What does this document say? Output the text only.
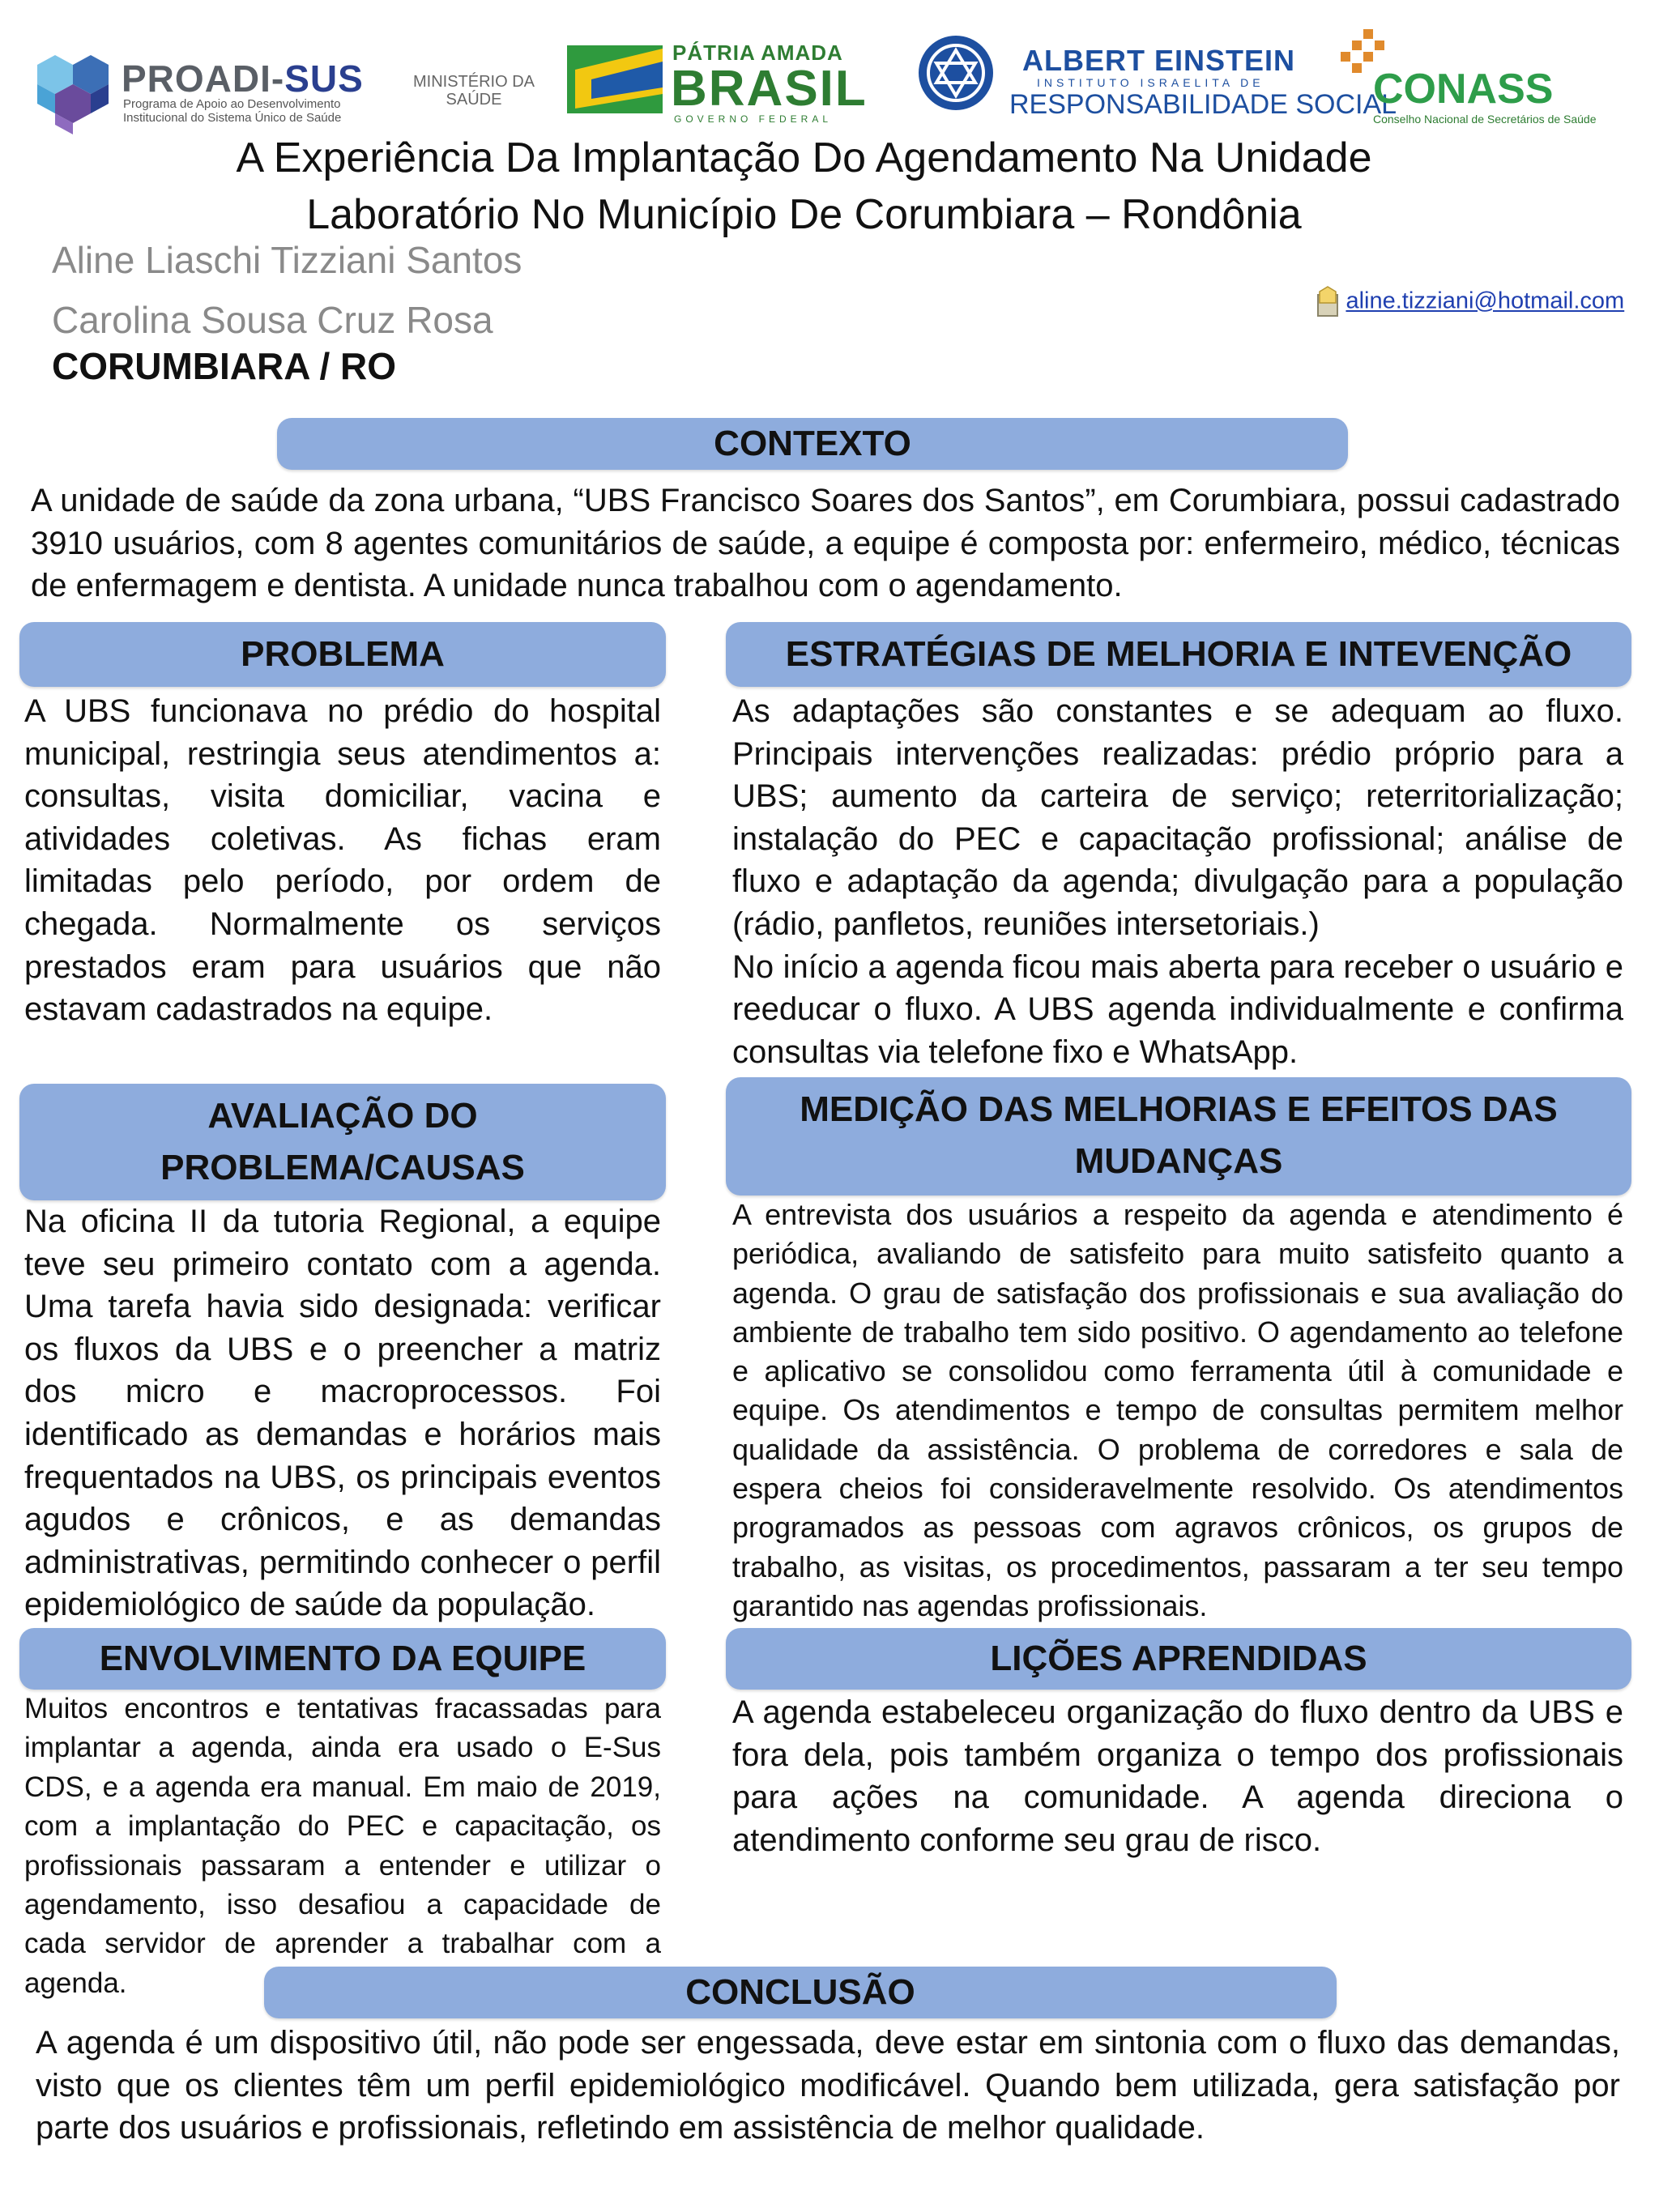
PROADI-SUS
Programa de Apoio ao Desenvolvimento Institucional do Sistema Único de Saúde
MINISTÉRIO DA SAÚDE
PÁTRIA AMADA
BRASIL
GOVERNO FEDERAL
ALBERT EINSTEIN
INSTITUTO ISRAELITA DE
RESPONSABILIDADE SOCIAL
CONASS
Conselho Nacional de Secretários de Saúde
A Experiência Da Implantação Do Agendamento Na Unidade
Laboratório No Município De Corumbiara – Rondônia
Aline Liaschi Tizziani Santos
Carolina Sousa Cruz Rosa
CORUMBIARA / RO
aline.tizziani@hotmail.com
CONTEXTO
A unidade de saúde da zona urbana, “UBS Francisco Soares dos Santos”, em Corumbiara, possui cadastrado 3910 usuários, com 8 agentes comunitários de saúde, a equipe é composta por: enfermeiro, médico, técnicas de enfermagem e dentista. A unidade nunca trabalhou com o agendamento.
PROBLEMA
A UBS funcionava no prédio do hospital municipal, restringia seus atendimentos a: consultas, visita domiciliar, vacina e atividades coletivas. As fichas eram limitadas pelo período, por ordem de chegada. Normalmente os serviços prestados eram para usuários que não estavam cadastrados na equipe.
ESTRATÉGIAS DE MELHORIA E INTEVENÇÃO
As adaptações são constantes e se adequam ao fluxo. Principais intervenções realizadas: prédio próprio para a UBS; aumento da carteira de serviço; reterritorialização; instalação do PEC e capacitação profissional; análise de fluxo e adaptação da agenda; divulgação para a população (rádio, panfletos, reuniões intersetoriais.)
No início a agenda ficou mais aberta para receber o usuário e reeducar o fluxo. A UBS agenda individualmente e confirma consultas via telefone fixo e WhatsApp.
AVALIAÇÃO DO
PROBLEMA/CAUSAS
Na oficina II da tutoria Regional, a equipe teve seu primeiro contato com a agenda. Uma tarefa havia sido designada: verificar os fluxos da UBS e o preencher a matriz dos micro e macroprocessos. Foi identificado as demandas e horários mais frequentados na UBS, os principais eventos agudos e crônicos, e as demandas administrativas, permitindo conhecer o perfil epidemiológico de saúde da população.
MEDIÇÃO DAS MELHORIAS E EFEITOS DAS
MUDANÇAS
A entrevista dos usuários a respeito da agenda e atendimento é periódica, avaliando de satisfeito para muito satisfeito quanto a agenda. O grau de satisfação dos profissionais e sua avaliação do ambiente de trabalho tem sido positivo. O agendamento ao telefone e aplicativo se consolidou como ferramenta útil à comunidade e equipe. Os atendimentos e tempo de consultas permitem melhor qualidade da assistência. O problema de corredores e sala de espera cheios foi consideravelmente resolvido. Os atendimentos programados as pessoas com agravos crônicos, os grupos de trabalho, as visitas, os procedimentos, passaram a ter seu tempo garantido nas agendas profissionais.
ENVOLVIMENTO DA EQUIPE
Muitos encontros e tentativas fracassadas para implantar a agenda, ainda era usado o E-Sus CDS, e a agenda era manual. Em maio de 2019, com a implantação do PEC e capacitação, os profissionais passaram a entender e utilizar o agendamento, isso desafiou a capacidade de cada servidor de aprender a trabalhar com a agenda.
LIÇÕES APRENDIDAS
A agenda estabeleceu organização do fluxo dentro da UBS e fora dela, pois também organiza o tempo dos profissionais para ações na comunidade. A agenda direciona o atendimento conforme seu grau de risco.
CONCLUSÃO
A agenda é um dispositivo útil, não pode ser engessada, deve estar em sintonia com o fluxo das demandas, visto que os clientes têm um perfil epidemiológico modificável. Quando bem utilizada, gera satisfação por parte dos usuários e profissionais, refletindo em assistência de melhor qualidade.
